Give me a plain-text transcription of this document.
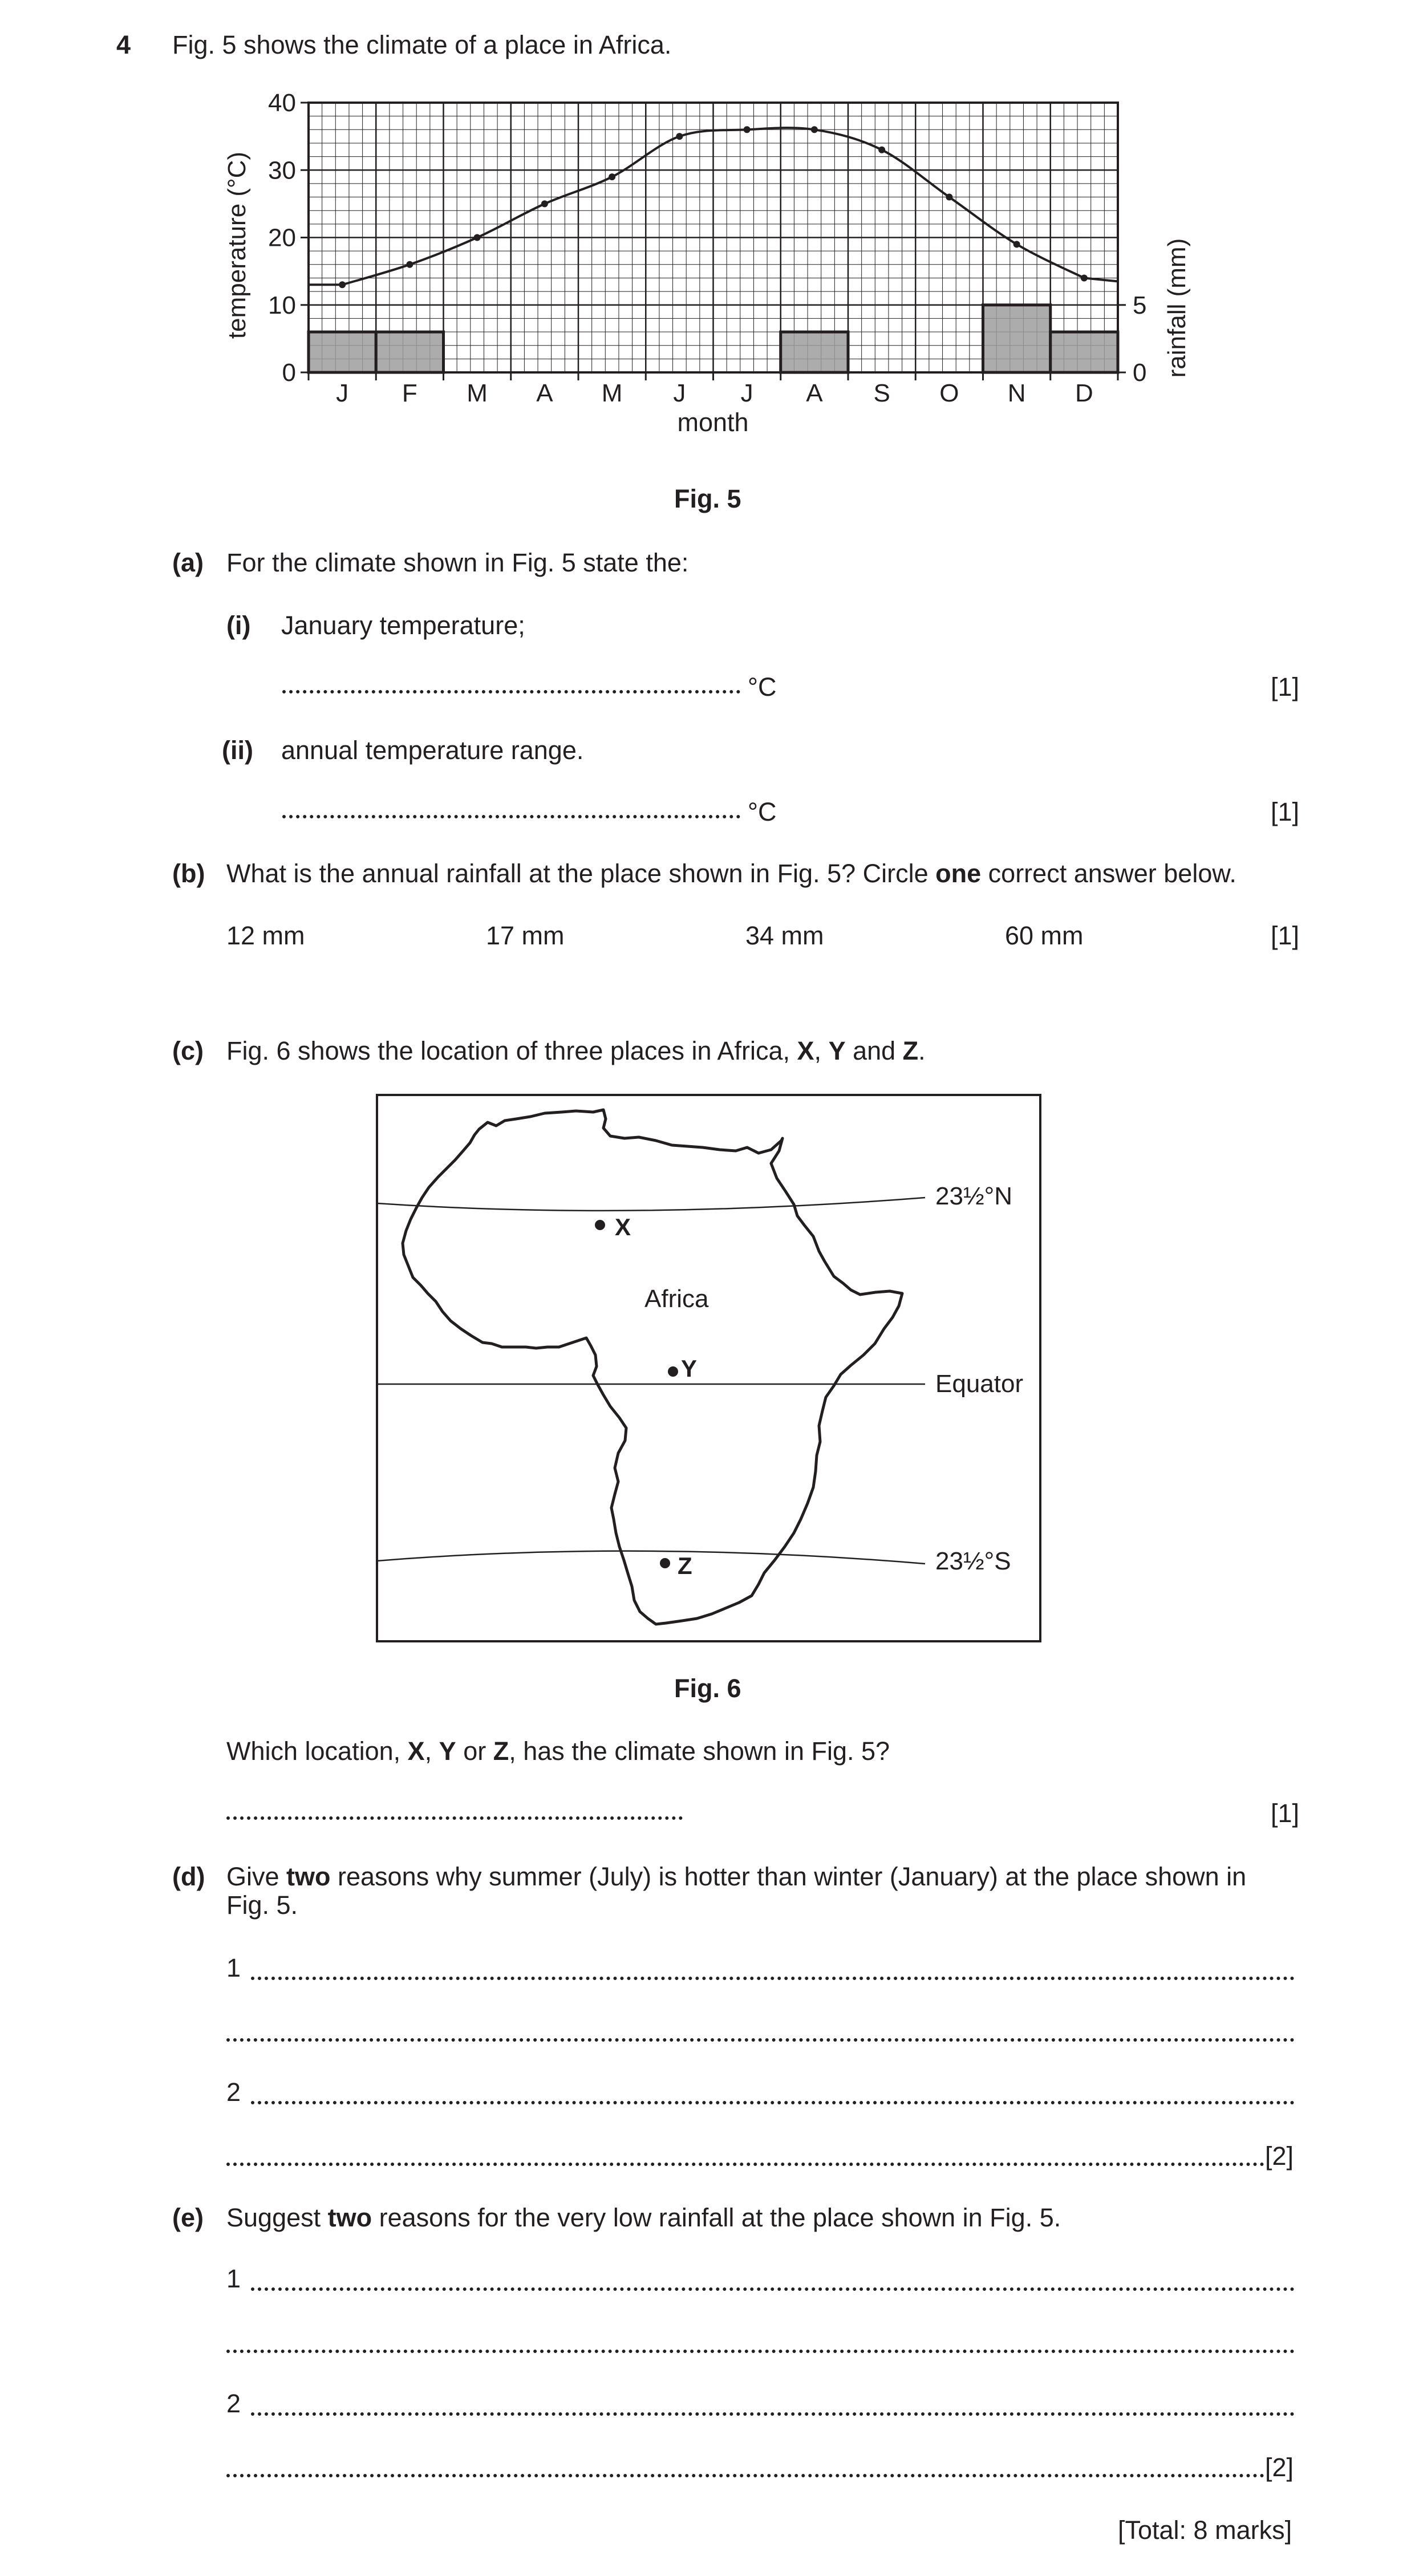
4 Fig. 5 shows the climate of a place in Africa.
0
10
20
30
40
0
5
J F M A M J J A S O N D
temperature (°C)	rainfall (mm)
month
Fig. 5
(a) For the climate shown in Fig. 5 state the:
(i) January temperature;
°C	[1]
(ii) annual temperature range.
°C	[1]
(b) What is the annual rainfall at the place shown in Fig. 5? Circle one correct answer below.
12 mm	17 mm	34 mm	60 mm	[1]
(c) Fig. 6 shows the location of three places in Africa, X, Y and Z.
X
Y
Z
Africa
23½°N
Equator
23½°S
Fig. 6
Which location, X, Y or Z, has the climate shown in Fig. 5?
[1]
(d) Give two reasons why summer (July) is hotter than winter (January) at the place shown in
Fig. 5.
1
2
[2]
(e) Suggest two reasons for the very low rainfall at the place shown in Fig. 5.
1
2
[2]
[Total: 8 marks]
